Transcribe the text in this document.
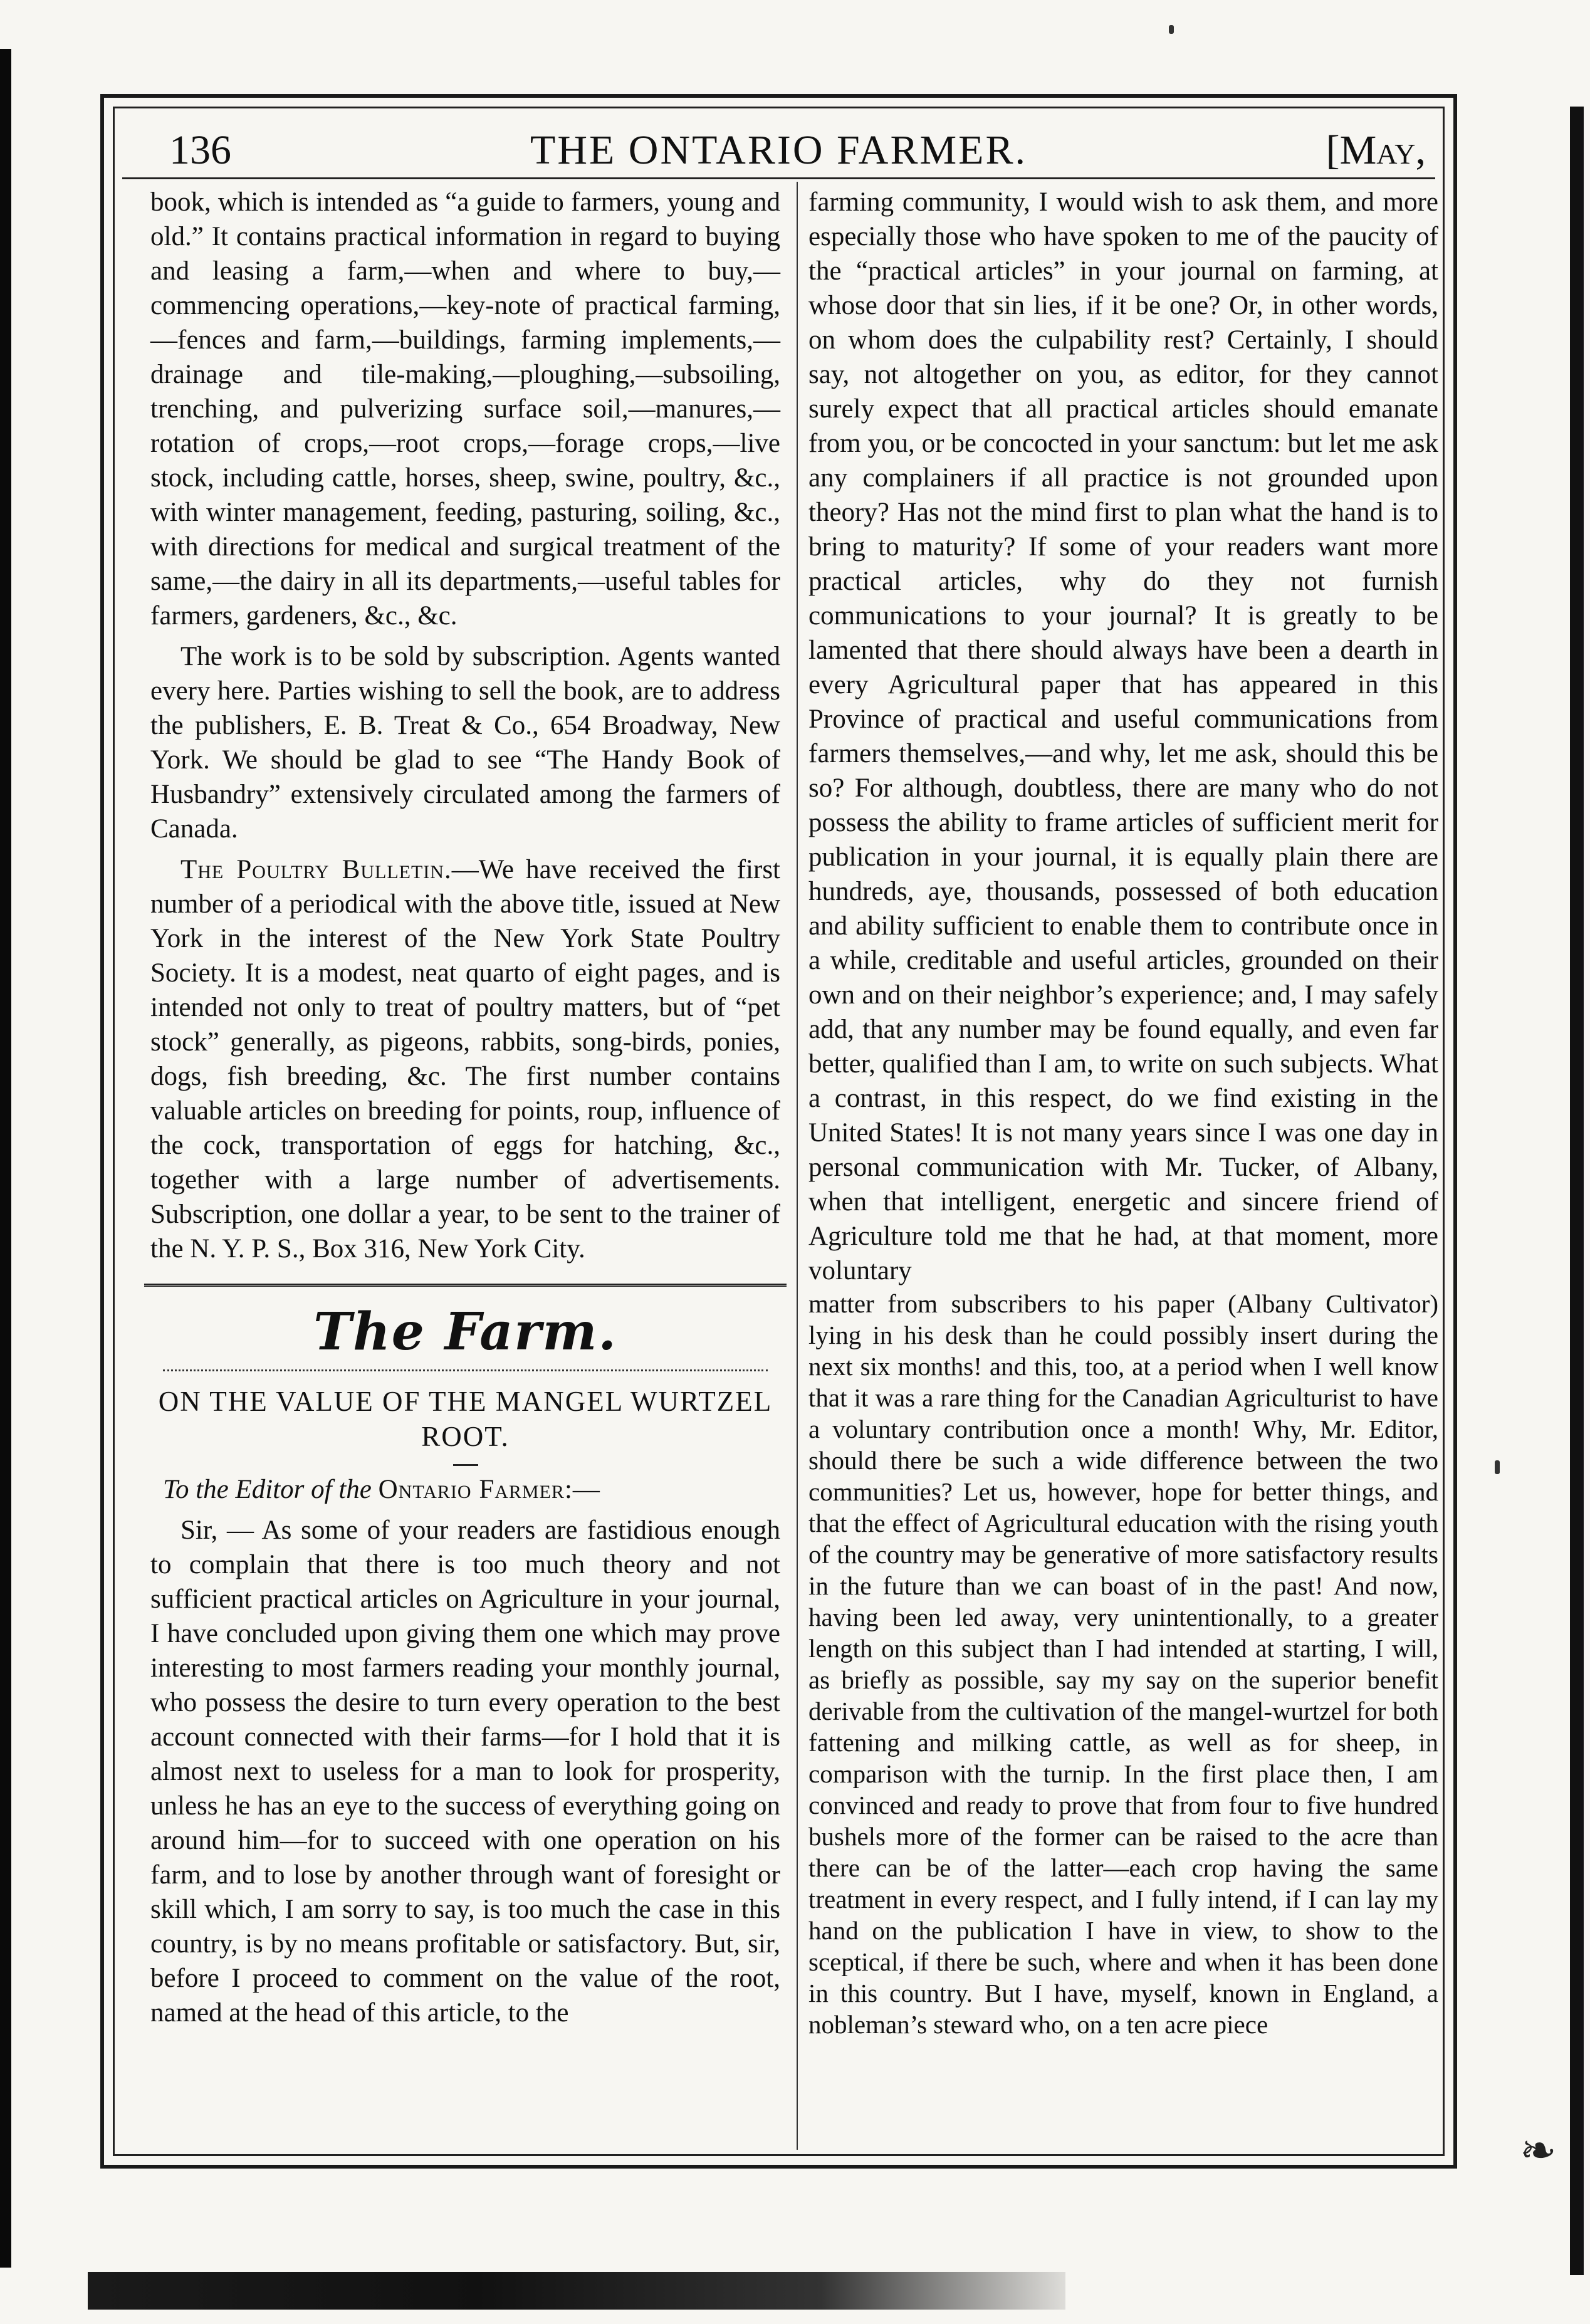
THE ONTARIO FARMER.
136	[May,

book, which is intended as “a guide to farmers, young and old.” It contains practical information in regard to buying and leasing a farm,—when and where to buy,—commencing operations,—key-note of practical farming,—fences and farm,—buildings, farming implements,—drainage and tile-making,—ploughing,—subsoiling, trenching, and pulverizing surface soil,—manures,—rotation of crops,—root crops,—forage crops,—live stock, including cattle, horses, sheep, swine, poultry, &c., with winter management, feeding, pasturing, soiling, &c., with directions for medical and surgical treatment of the same,—the dairy in all its departments,—useful tables for farmers, gardeners, &c., &c.

The work is to be sold by subscription. Agents wanted every here. Parties wishing to sell the book, are to address the publishers, E. B. Treat & Co., 654 Broadway, New York. We should be glad to see “The Handy Book of Husbandry” extensively circulated among the farmers of Canada.

The Poultry Bulletin.—We have received the first number of a periodical with the above title, issued at New York in the interest of the New York State Poultry Society. It is a modest, neat quarto of eight pages, and is intended not only to treat of poultry matters, but of “pet stock” generally, as pigeons, rabbits, song-birds, ponies, dogs, fish breeding, &c. The first number contains valuable articles on breeding for points, roup, influence of the cock, transportation of eggs for hatching, &c., together with a large number of advertisements. Subscription, one dollar a year, to be sent to the trainer of the N. Y. P. S., Box 316, New York City.

The Farm.
ON THE VALUE OF THE MANGEL WURTZEL ROOT.

To the Editor of the Ontario Farmer:—

Sir, — As some of your readers are fastidious enough to complain that there is too much theory and not sufficient practical articles on Agriculture in your journal, I have concluded upon giving them one which may prove interesting to most farmers reading your monthly journal, who possess the desire to turn every operation to the best account connected with their farms—for I hold that it is almost next to useless for a man to look for prosperity, unless he has an eye to the success of everything going on around him—for to succeed with one operation on his farm, and to lose by another through want of foresight or skill which, I am sorry to say, is too much the case in this country, is by no means profitable or satisfactory. But, sir, before I proceed to comment on the value of the root, named at the head of this article, to the

farming community, I would wish to ask them, and more especially those who have spoken to me of the paucity of the “practical articles” in your journal on farming, at whose door that sin lies, if it be one? Or, in other words, on whom does the culpability rest? Certainly, I should say, not altogether on you, as editor, for they cannot surely expect that all practical articles should emanate from you, or be concocted in your sanctum: but let me ask any complainers if all practice is not grounded upon theory? Has not the mind first to plan what the hand is to bring to maturity? If some of your readers want more practical articles, why do they not furnish communications to your journal? It is greatly to be lamented that there should always have been a dearth in every Agricultural paper that has appeared in this Province of practical and useful communications from farmers themselves,—and why, let me ask, should this be so? For although, doubtless, there are many who do not possess the ability to frame articles of sufficient merit for publication in your journal, it is equally plain there are hundreds, aye, thousands, possessed of both education and ability sufficient to enable them to contribute once in a while, creditable and useful articles, grounded on their own and on their neighbor’s experience; and, I may safely add, that any number may be found equally, and even far better, qualified than I am, to write on such subjects. What a contrast, in this respect, do we find existing in the United States! It is not many years since I was one day in personal communication with Mr. Tucker, of Albany, when that intelligent, energetic and sincere friend of Agriculture told me that he had, at that moment, more voluntary

matter from subscribers to his paper (Albany Cultivator) lying in his desk than he could possibly insert during the next six months! and this, too, at a period when I well know that it was a rare thing for the Canadian Agriculturist to have a voluntary contribution once a month! Why, Mr. Editor, should there be such a wide difference between the two communities? Let us, however, hope for better things, and that the effect of Agricultural education with the rising youth of the country may be generative of more satisfactory results in the future than we can boast of in the past! And now, having been led away, very unintentionally, to a greater length on this subject than I had intended at starting, I will, as briefly as possible, say my say on the superior benefit derivable from the cultivation of the mangel-wurtzel for both fattening and milking cattle, as well as for sheep, in comparison with the turnip. In the first place then, I am convinced and ready to prove that from four to five hundred bushels more of the former can be raised to the acre than there can be of the latter—each crop having the same treatment in every respect, and I fully intend, if I can lay my hand on the publication I have in view, to show to the sceptical, if there be such, where and when it has been done in this country. But I have, myself, known in England, a nobleman’s steward who, on a ten acre piece

❧
